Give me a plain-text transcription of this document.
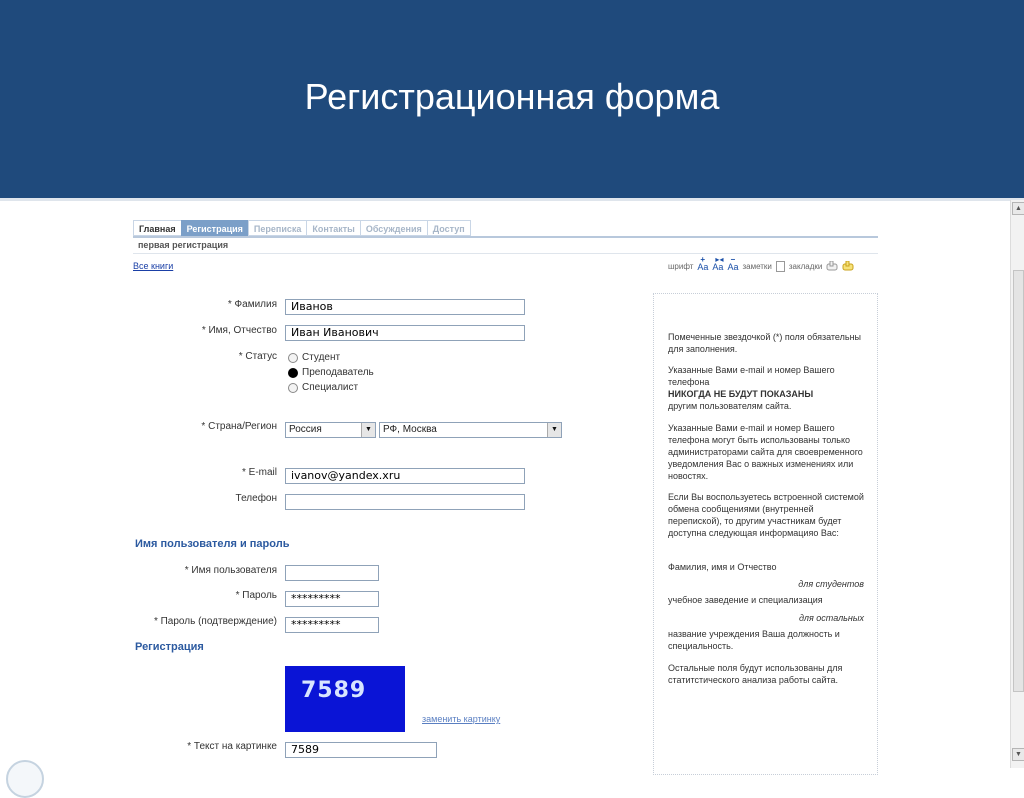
Регистрационная форма
▲
▼
Главная	Регистрация	Переписка	Контакты	Обсуждения	Доступ
первая регистрация
Все книги	шрифт
+
Aa
▸◂
Aa
−
Aa заметки закладки
* Фамилия	Иванов
* Имя, Отчество	Иван Иванович
* Статус	Студент
Преподаватель
Специалист
* Страна/Регион	Россия	▼	РФ, Москва	▼
* E-mail	ivanov@yandex.xru
Телефон
Имя пользователя и пароль
* Имя пользователя
* Пароль	*********
* Пароль (подтверждение)	*********
Регистрация
7589
заменить картинку
* Текст на картинке	7589

Помеченные звездочкой (*) поля обязательны для заполнения.

Указанные Вами e-mail и номер Вашего телефона

НИКОГДА НЕ БУДУТ ПОКАЗАНЫ

другим пользователям сайта.

Указанные Вами e-mail и номер Вашего телефона могут быть использованы только администраторами сайта для своевременного уведомления Вас о важных изменениях или новостях.

Если Вы воспользуетесь встроенной системой обмена сообщениями (внутренней перепиской), то другим участникам будет доступна следующая информацияо Вас:

Фамилия, имя и Отчество

для студентов

учебное заведение и специализация

для остальных

название учреждения Ваша должность и специальность.

Остальные поля будут использованы для статитстического анализа работы сайта.
